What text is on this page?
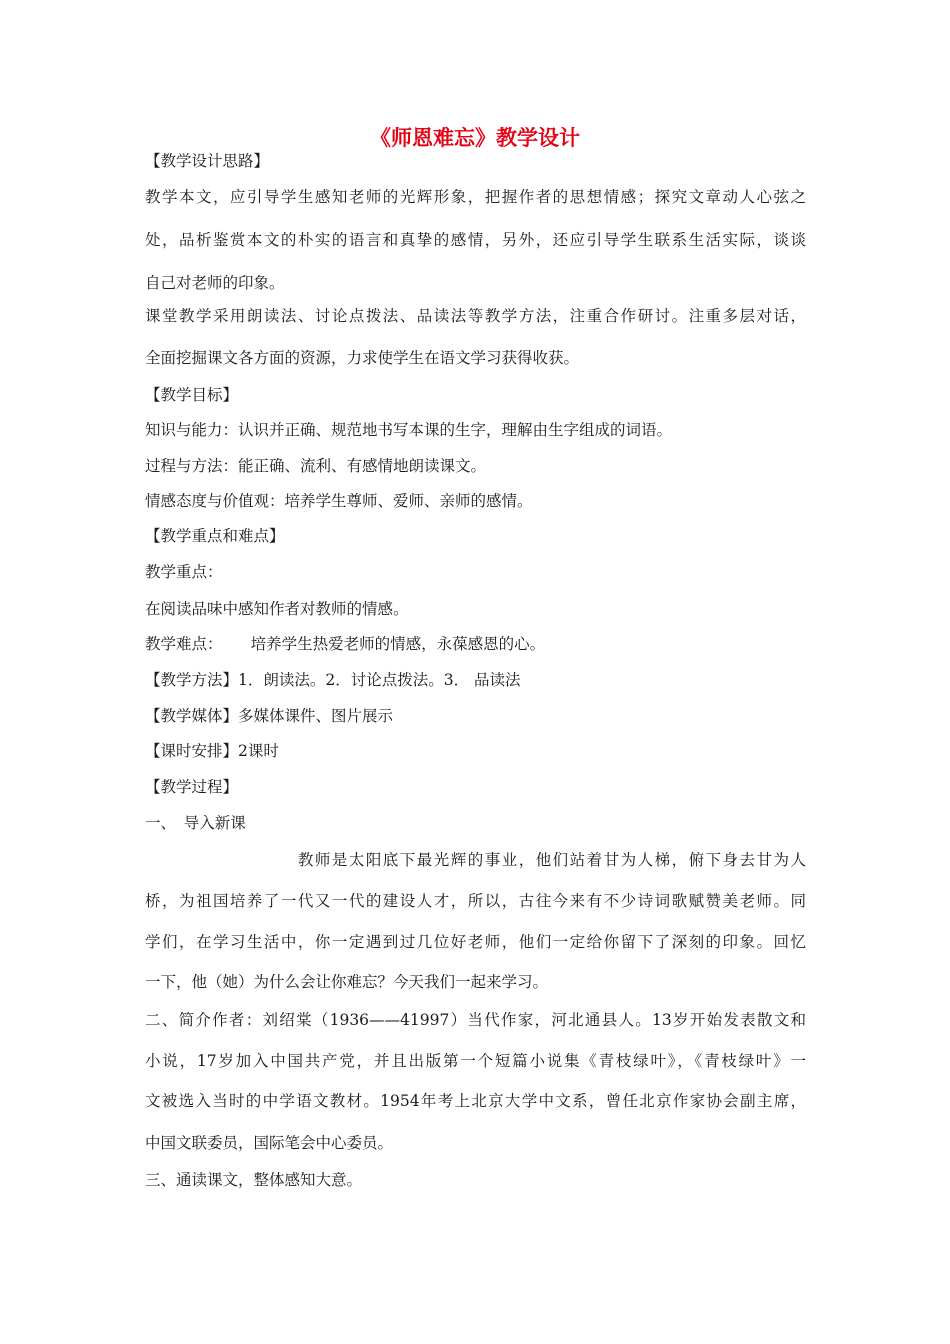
《师恩难忘》教学设计
【教学设计思路】
教学本文，应引导学生感知老师的光辉形象，把握作者的思想情感；探究文章动人心弦之
处，品析鉴赏本文的朴实的语言和真挚的感情，另外，还应引导学生联系生活实际，谈谈
自己对老师的印象。
课堂教学采用朗读法、讨论点拨法、品读法等教学方法，注重合作研讨。注重多层对话，
全面挖掘课文各方面的资源，力求使学生在语文学习获得收获。
【教学目标】
知识与能力：认识并正确、规范地书写本课的生字，理解由生字组成的词语。
过程与方法：能正确、流利、有感情地朗读课文。
情感态度与价值观：培养学生尊师、爱师、亲师的感情。
【教学重点和难点】
教学重点：
在阅读品味中感知作者对教师的情感。
教学难点：　　 培养学生热爱老师的情感，永葆感恩的心。
【教学方法】1．朗读法。2．讨论点拨法。3． 品读法
【教学媒体】多媒体课件、图片展示
【课时安排】2课时
【教学过程】
一、　导入新课
　　　　　　　　　教师是太阳底下最光辉的事业，他们站着甘为人梯，俯下身去甘为人
桥，为祖国培养了一代又一代的建设人才，所以，古往今来有不少诗词歌赋赞美老师。同
学们，在学习生活中，你一定遇到过几位好老师，他们一定给你留下了深刻的印象。回忆
一下，他（她）为什么会让你难忘？今天我们一起来学习。
二、简介作者：刘绍棠（1936——41997）当代作家，河北通县人。13岁开始发表散文和
小说，17岁加入中国共产党，并且出版第一个短篇小说集《青枝绿叶》，《青枝绿叶》一
文被选入当时的中学语文教材。1954年考上北京大学中文系，曾任北京作家协会副主席，
中国文联委员，国际笔会中心委员。
三、通读课文，整体感知大意。
